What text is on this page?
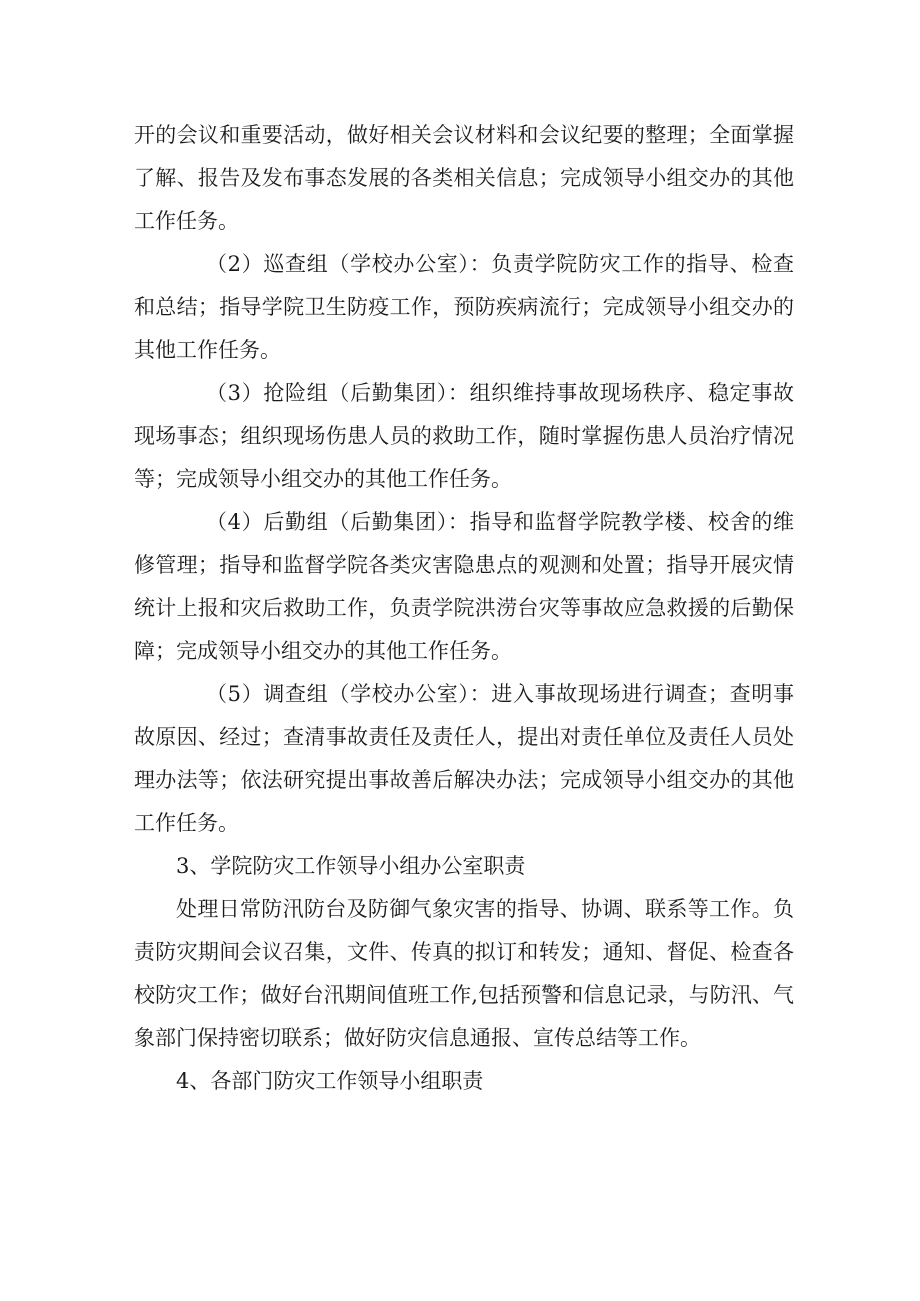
开的会议和重要活动，做好相关会议材料和会议纪要的整理；全面掌握了解、报告及发布事态发展的各类相关信息；完成领导小组交办的其他工作任务。

（2）巡查组（学校办公室）：负责学院防灾工作的指导、检查和总结；指导学院卫生防疫工作，预防疾病流行；完成领导小组交办的其他工作任务。

（3）抢险组（后勤集团）：组织维持事故现场秩序、稳定事故现场事态；组织现场伤患人员的救助工作，随时掌握伤患人员治疗情况等；完成领导小组交办的其他工作任务。

（4）后勤组（后勤集团）：指导和监督学院教学楼、校舍的维修管理；指导和监督学院各类灾害隐患点的观测和处置；指导开展灾情统计上报和灾后救助工作，负责学院洪涝台灾等事故应急救援的后勤保障；完成领导小组交办的其他工作任务。

（5）调查组（学校办公室）：进入事故现场进行调查；查明事故原因、经过；查清事故责任及责任人，提出对责任单位及责任人员处理办法等；依法研究提出事故善后解决办法；完成领导小组交办的其他工作任务。

3、学院防灾工作领导小组办公室职责

处理日常防汛防台及防御气象灾害的指导、协调、联系等工作。负责防灾期间会议召集，文件、传真的拟订和转发；通知、督促、检查各校防灾工作；做好台汛期间值班工作,包括预警和信息记录，与防汛、气象部门保持密切联系；做好防灾信息通报、宣传总结等工作。

4、各部门防灾工作领导小组职责
